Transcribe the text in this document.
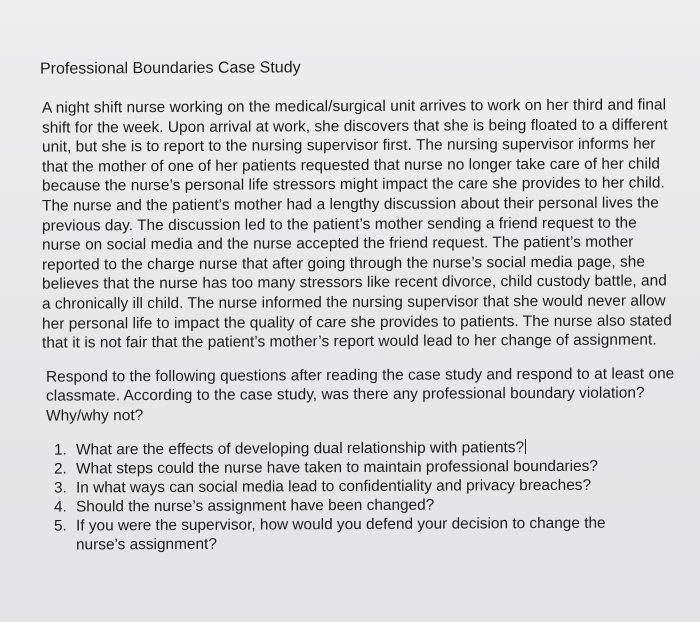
Professional Boundaries Case Study
A night shift nurse working on the medical/surgical unit arrives to work on her third and final shift for the week. Upon arrival at work, she discovers that she is being floated to a different unit, but she is to report to the nursing supervisor first. The nursing supervisor informs her that the mother of one of her patients requested that nurse no longer take care of her child because the nurse’s personal life stressors might impact the care she provides to her child. The nurse and the patient’s mother had a lengthy discussion about their personal lives the previous day. The discussion led to the patient’s mother sending a friend request to the nurse on social media and the nurse accepted the friend request. The patient’s mother reported to the charge nurse that after going through the nurse’s social media page, she believes that the nurse has too many stressors like recent divorce, child custody battle, and a chronically ill child. The nurse informed the nursing supervisor that she would never allow her personal life to impact the quality of care she provides to patients. The nurse also stated that it is not fair that the patient’s mother’s report would lead to her change of assignment.
Respond to the following questions after reading the case study and respond to at least one classmate. According to the case study, was there any professional boundary violation? Why/why not?
1. What are the effects of developing dual relationship with patients?
2. What steps could the nurse have taken to maintain professional boundaries?
3. In what ways can social media lead to confidentiality and privacy breaches?
4. Should the nurse’s assignment have been changed?
5. If you were the supervisor, how would you defend your decision to change the nurse’s assignment?
